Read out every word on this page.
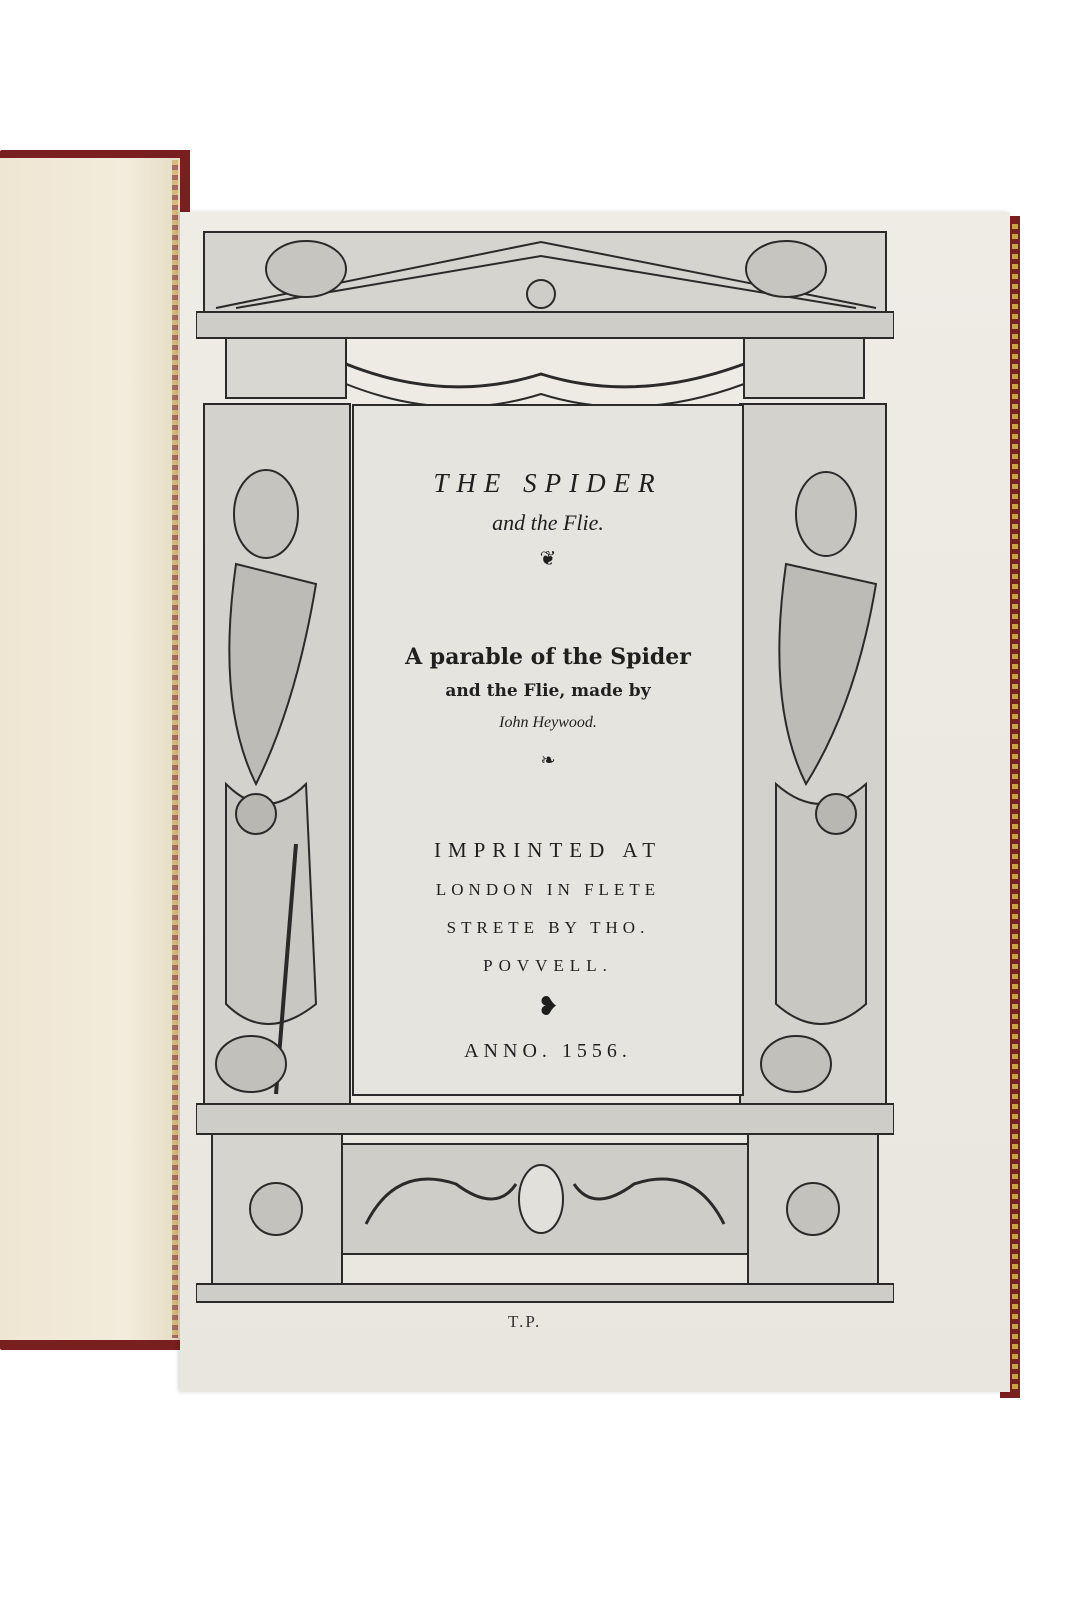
THE SPIDER
and the Flie.
❦
A parable of the Spider
and the Flie, made by
Iohn Heywood.
❧
IMPRINTED AT
LONDON IN FLETE
STRETE BY THO.
POVVELL.
❥
ANNO. 1556.
T.P.
